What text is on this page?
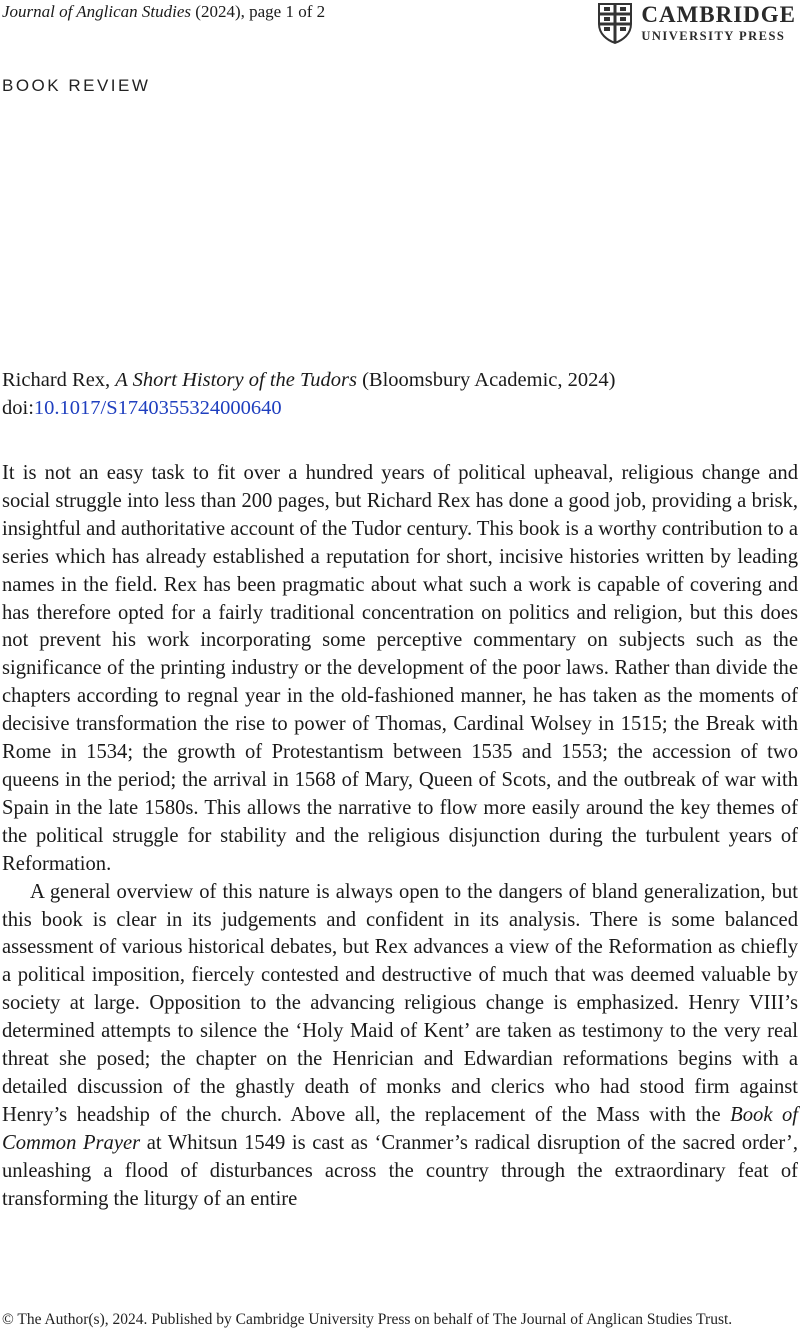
Journal of Anglican Studies (2024), page 1 of 2	CAMBRIDGE
UNIVERSITY PRESS
BOOK REVIEW
Richard Rex, A Short History of the Tudors (Bloomsbury Academic, 2024)
doi:10.1017/S1740355324000640

It is not an easy task to fit over a hundred years of political upheaval, religious change and social struggle into less than 200 pages, but Richard Rex has done a good job, providing a brisk, insightful and authoritative account of the Tudor century. This book is a worthy contribution to a series which has already established a reputation for short, incisive histories written by leading names in the field. Rex has been pragmatic about what such a work is capable of covering and has therefore opted for a fairly traditional concentration on politics and religion, but this does not prevent his work incorporating some perceptive commentary on subjects such as the significance of the printing industry or the development of the poor laws. Rather than divide the chapters according to regnal year in the old-fashioned manner, he has taken as the moments of decisive transformation the rise to power of Thomas, Cardinal Wolsey in 1515; the Break with Rome in 1534; the growth of Protestantism between 1535 and 1553; the accession of two queens in the period; the arrival in 1568 of Mary, Queen of Scots, and the outbreak of war with Spain in the late 1580s. This allows the narrative to flow more easily around the key themes of the political struggle for stability and the religious disjunction during the turbulent years of Reformation.

A general overview of this nature is always open to the dangers of bland generalization, but this book is clear in its judgements and confident in its analysis. There is some balanced assessment of various historical debates, but Rex advances a view of the Reformation as chiefly a political imposition, fiercely contested and destructive of much that was deemed valuable by society at large. Opposition to the advancing religious change is emphasized. Henry VIII’s determined attempts to silence the ‘Holy Maid of Kent’ are taken as testimony to the very real threat she posed; the chapter on the Henrician and Edwardian reformations begins with a detailed discussion of the ghastly death of monks and clerics who had stood firm against Henry’s headship of the church. Above all, the replacement of the Mass with the Book of Common Prayer at Whitsun 1549 is cast as ‘Cranmer’s radical disruption of the sacred order’, unleashing a flood of disturbances across the country through the extraordinary feat of transforming the liturgy of an entire

© The Author(s), 2024. Published by Cambridge University Press on behalf of The Journal of Anglican Studies Trust.
